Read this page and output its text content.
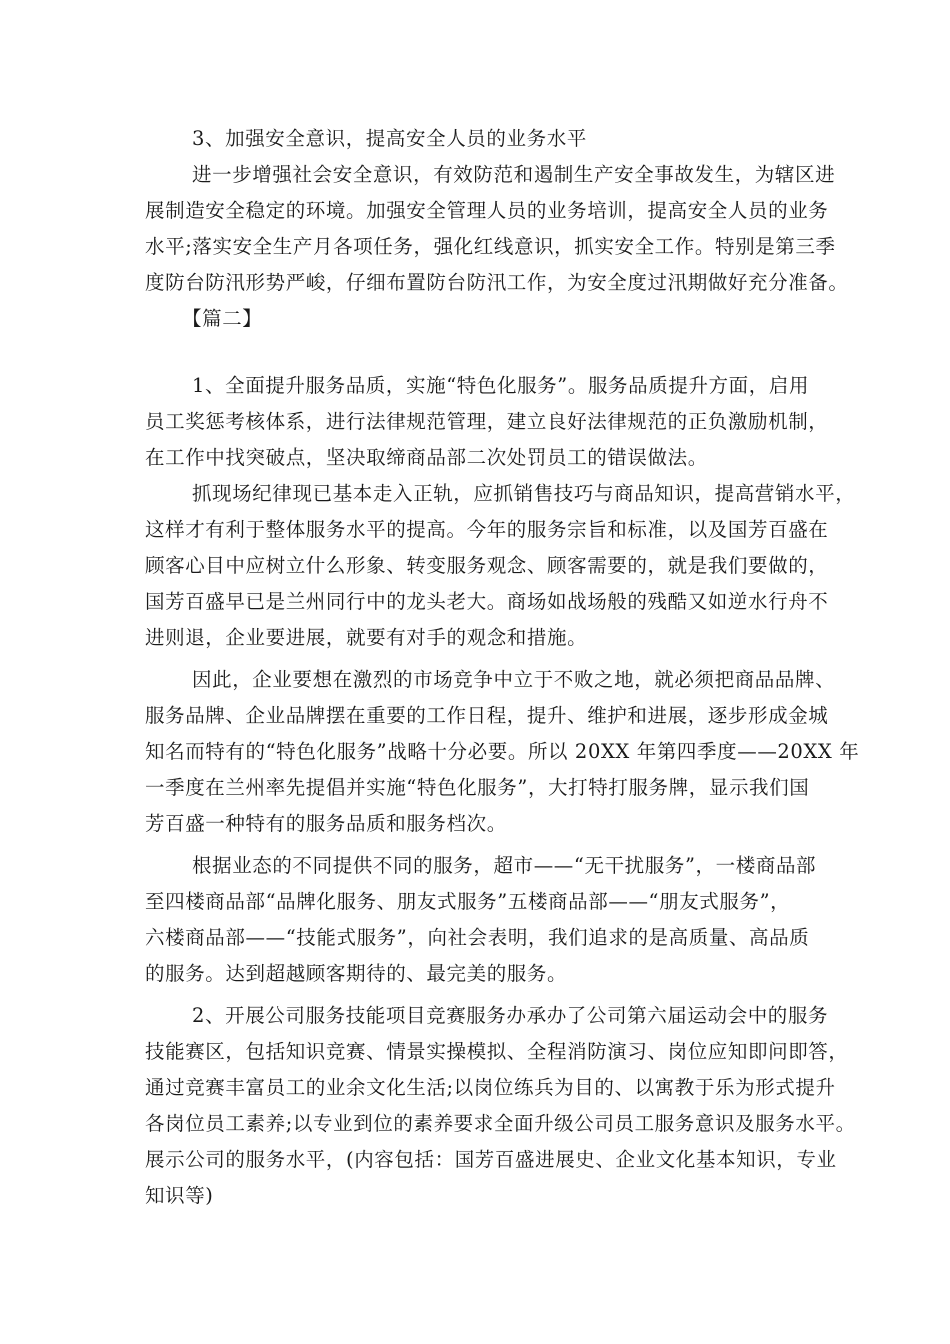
3、加强安全意识，提高安全人员的业务水平
进一步增强社会安全意识，有效防范和遏制生产安全事故发生，为辖区进
展制造安全稳定的环境。加强安全管理人员的业务培训，提高安全人员的业务
水平;落实安全生产月各项任务，强化红线意识，抓实安全工作。特别是第三季
度防台防汛形势严峻，仔细布置防台防汛工作，为安全度过汛期做好充分准备。
【篇二】
1、全面提升服务品质，实施“特色化服务”。服务品质提升方面，启用
员工奖惩考核体系，进行法律规范管理，建立良好法律规范的正负激励机制，
在工作中找突破点，坚决取缔商品部二次处罚员工的错误做法。
抓现场纪律现已基本走入正轨，应抓销售技巧与商品知识，提高营销水平，
这样才有利于整体服务水平的提高。今年的服务宗旨和标准，以及国芳百盛在
顾客心目中应树立什么形象、转变服务观念、顾客需要的，就是我们要做的，
国芳百盛早已是兰州同行中的龙头老大。商场如战场般的残酷又如逆水行舟不
进则退，企业要进展，就要有对手的观念和措施。
因此，企业要想在激烈的市场竞争中立于不败之地，就必须把商品品牌、
服务品牌、企业品牌摆在重要的工作日程，提升、维护和进展，逐步形成金城
知名而特有的“特色化服务”战略十分必要。所以 20XX 年第四季度——20XX 年
一季度在兰州率先提倡并实施“特色化服务”，大打特打服务牌，显示我们国
芳百盛一种特有的服务品质和服务档次。
根据业态的不同提供不同的服务，超市——“无干扰服务”，一楼商品部
至四楼商品部“品牌化服务、朋友式服务”五楼商品部——“朋友式服务”，
六楼商品部——“技能式服务”，向社会表明，我们追求的是高质量、高品质
的服务。达到超越顾客期待的、最完美的服务。
2、开展公司服务技能项目竞赛服务办承办了公司第六届运动会中的服务
技能赛区，包括知识竞赛、情景实操模拟、全程消防演习、岗位应知即问即答，
通过竞赛丰富员工的业余文化生活;以岗位练兵为目的、以寓教于乐为形式提升
各岗位员工素养;以专业到位的素养要求全面升级公司员工服务意识及服务水平。
展示公司的服务水平，(内容包括：国芳百盛进展史、企业文化基本知识，专业
知识等)
